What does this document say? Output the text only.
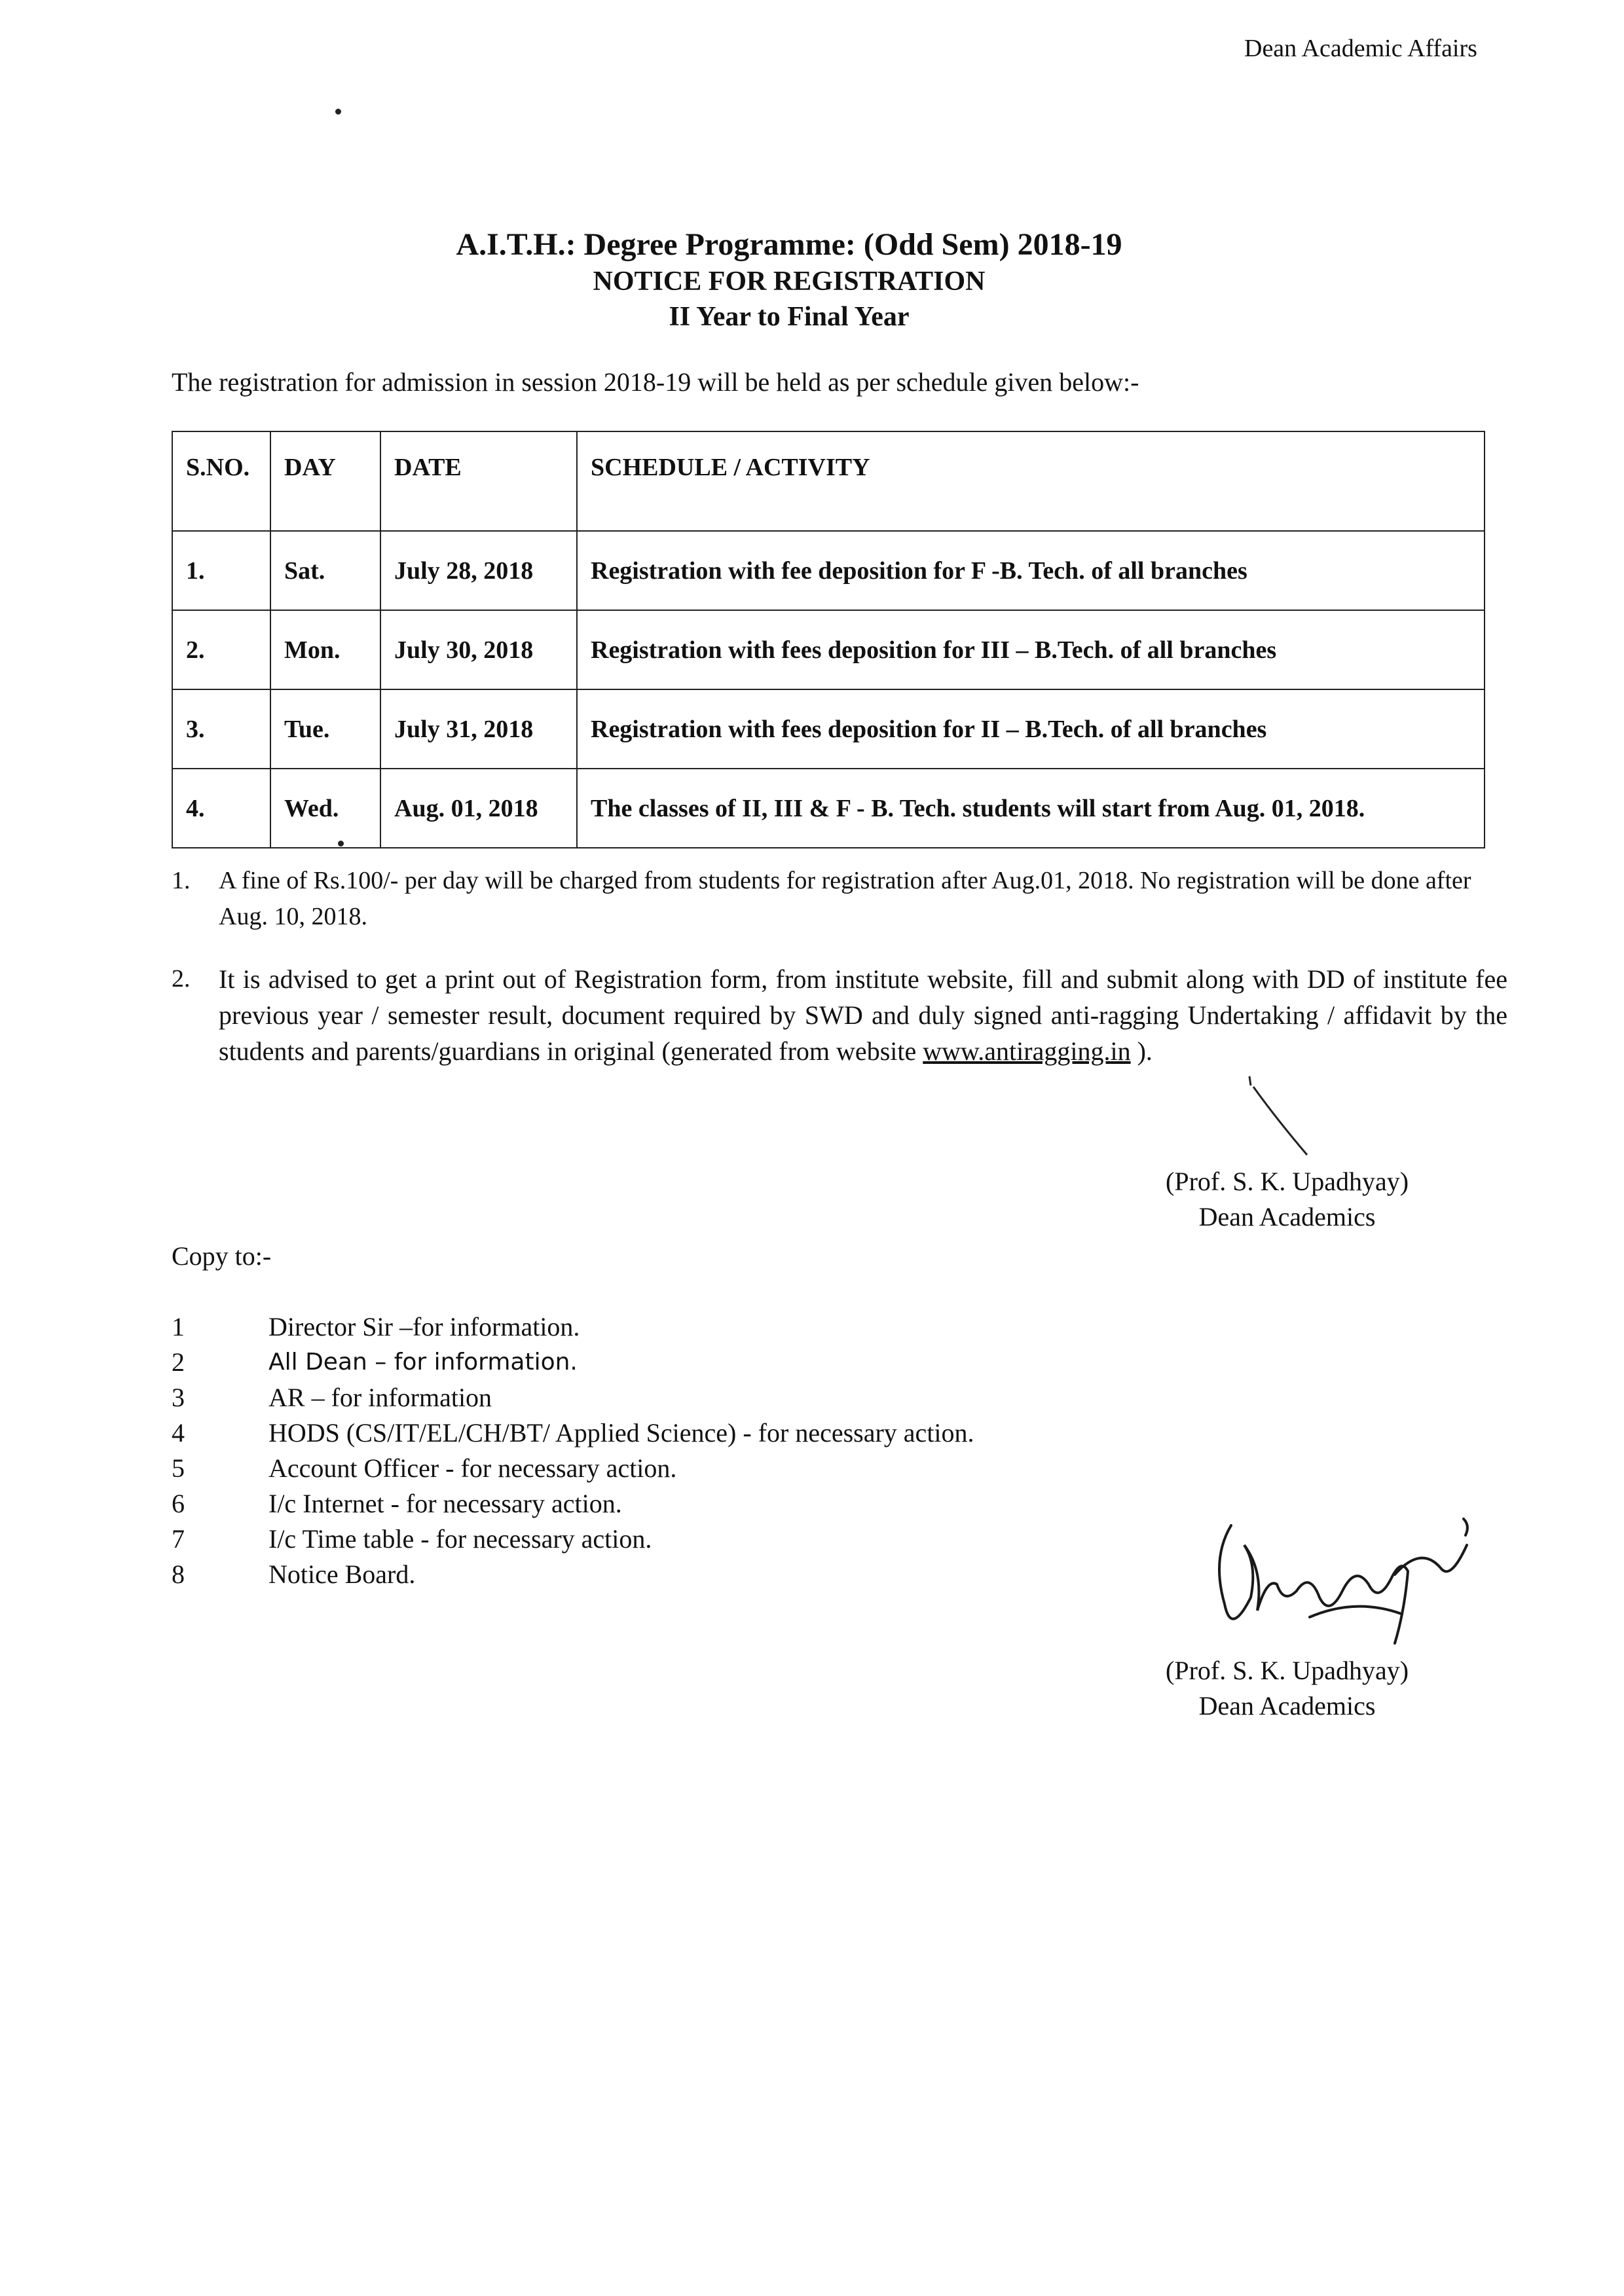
Dean Academic Affairs
A.I.T.H.: Degree Programme: (Odd Sem) 2018-19
NOTICE FOR REGISTRATION
II Year to Final Year
The registration for admission in session 2018-19 will be held as per schedule given below:-
S.NO.	DAY	DATE	SCHEDULE / ACTIVITY
1.	Sat.	July 28, 2018	Registration with fee deposition for F -B. Tech. of all branches
2.	Mon.	July 30, 2018	Registration with fees deposition for III – B.Tech. of all branches
3.	Tue.	July 31, 2018	Registration with fees deposition for II – B.Tech. of all branches
4.	Wed.	Aug. 01, 2018	The classes of II, III & F - B. Tech. students will start from Aug. 01, 2018.
1.	A fine of Rs.100/- per day will be charged from students for registration after Aug.01, 2018. No registration will be done after Aug. 10, 2018.
2.	It is advised to get a print out of Registration form, from institute website, fill and submit along with DD of institute fee previous year / semester result, document required by SWD and duly signed anti-ragging Undertaking / affidavit by the students and parents/guardians in original (generated from website www.antiragging.in ).
(Prof. S. K. Upadhyay)
Dean Academics
Copy to:-
1	Director Sir –for information.
2	All Dean – for information.
3	AR – for information
4	HODS (CS/IT/EL/CH/BT/ Applied Science) - for necessary action.
5	Account Officer - for necessary action.
6	I/c Internet - for necessary action.
7	I/c Time table - for necessary action.
8	Notice Board.
(Prof. S. K. Upadhyay)
Dean Academics
